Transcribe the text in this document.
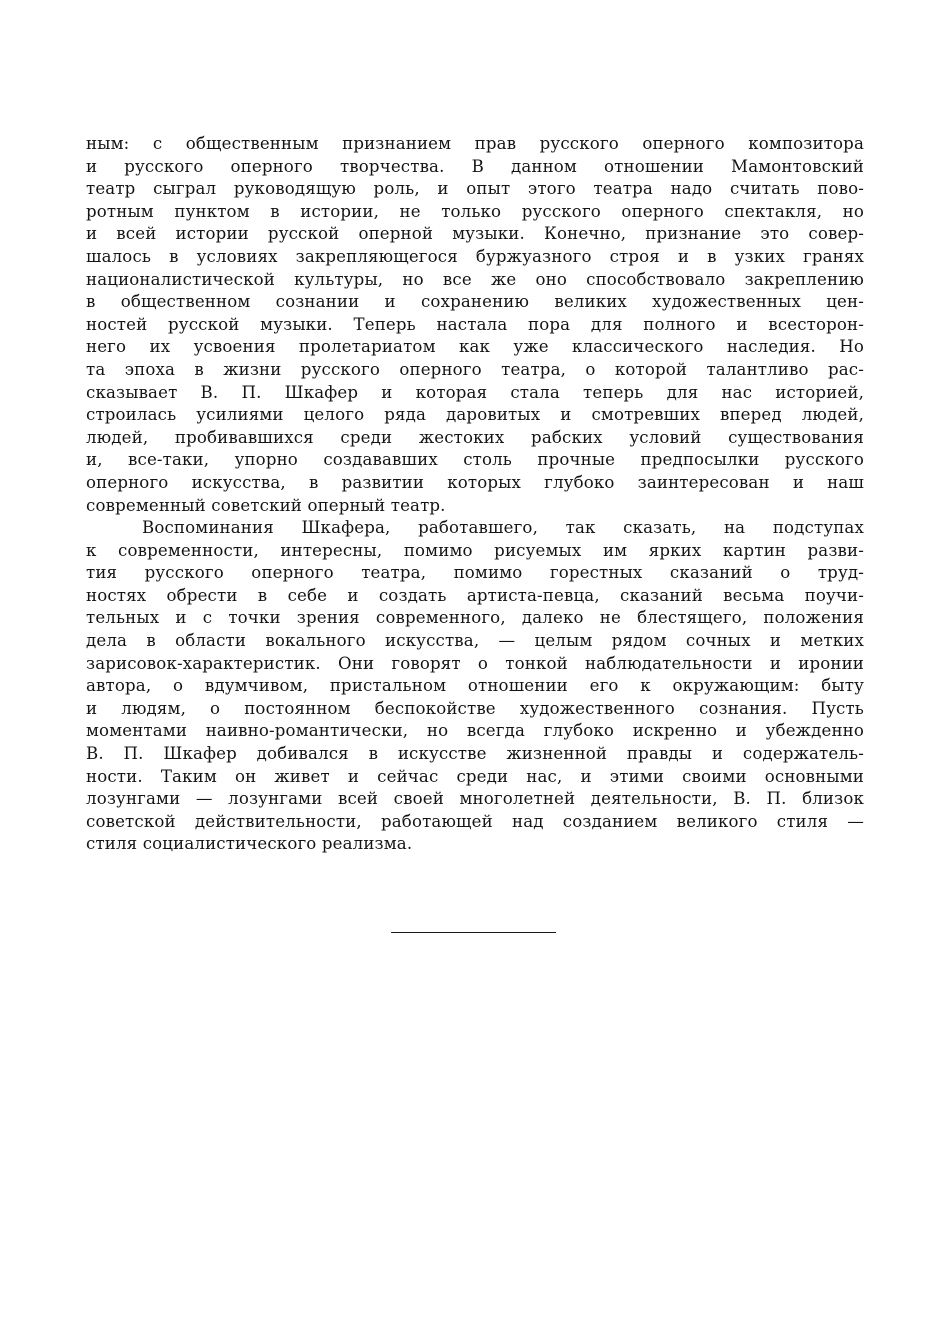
ным: с общественным признанием прав русского оперного композитора
и русского оперного творчества. В данном отношении Мамонтовский
театр сыграл руководящую роль, и опыт этого театра надо считать пово-
ротным пунктом в истории, не только русского оперного спектакля, но
и всей истории русской оперной музыки. Конечно, признание это совер-
шалось в условиях закрепляющегося буржуазного строя и в узких гранях
националистической культуры, но все же оно способствовало закреплению
в общественном сознании и сохранению великих художественных цен-
ностей русской музыки. Теперь настала пора для полного и всесторон-
него их усвоения пролетариатом как уже классического наследия. Но
та эпоха в жизни русского оперного театра, о которой талантливо рас-
сказывает В. П. Шкафер и которая стала теперь для нас историей,
строилась усилиями целого ряда даровитых и смотревших вперед людей,
людей, пробивавшихся среди жестоких рабских условий существования
и, все-таки, упорно создававших столь прочные предпосылки русского
оперного искусства, в развитии которых глубоко заинтересован и наш
современный советский оперный театр.
Воспоминания Шкафера, работавшего, так сказать, на подступах
к современности, интересны, помимо рисуемых им ярких картин разви-
тия русского оперного театра, помимо горестных сказаний о труд-
ностях обрести в себе и создать артиста-певца, сказаний весьма поучи-
тельных и с точки зрения современного, далеко не блестящего, положения
дела в области вокального искусства, — целым рядом сочных и метких
зарисовок-характеристик. Они говорят о тонкой наблюдательности и иронии
автора, о вдумчивом, пристальном отношении его к окружающим: быту
и людям, о постоянном беспокойстве художественного сознания. Пусть
моментами наивно-романтически, но всегда глубоко искренно и убежденно
В. П. Шкафер добивался в искусстве жизненной правды и содержатель-
ности. Таким он живет и сейчас среди нас, и этими своими основными
лозунгами — лозунгами всей своей многолетней деятельности, В. П. близок
советской действительности, работающей над созданием великого стиля —
стиля социалистического реализма.
